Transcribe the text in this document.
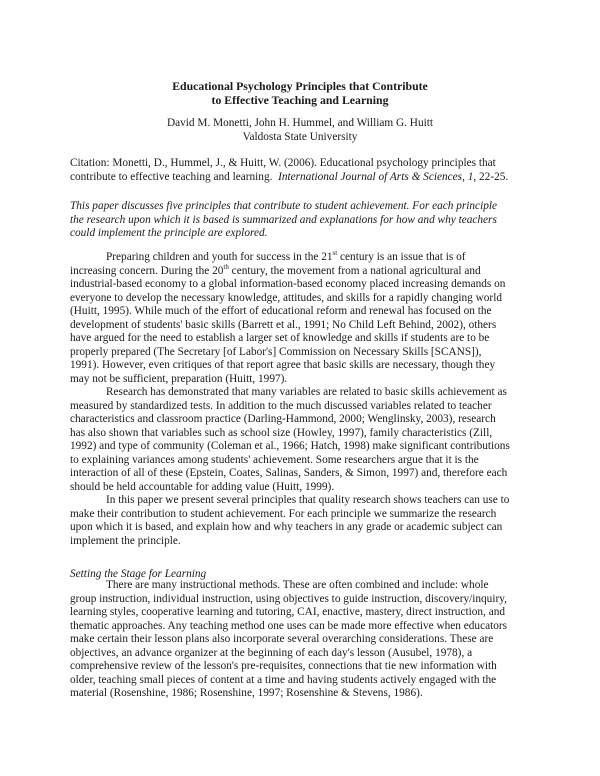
Educational Psychology Principles that Contribute
to Effective Teaching and Learning
David M. Monetti, John H. Hummel, and William G. Huitt
Valdosta State University
Citation: Monetti, D., Hummel, J., & Huitt, W. (2006). Educational psychology principles that
contribute to effective teaching and learning. International Journal of Arts & Sciences, 1, 22-25.
This paper discusses five principles that contribute to student achievement. For each principle
the research upon which it is based is summarized and explanations for how and why teachers
could implement the principle are explored.

Preparing children and youth for success in the 21st century is an issue that is of

increasing concern. During the 20th century, the movement from a national agricultural and
industrial-based economy to a global information-based economy placed increasing demands on
everyone to develop the necessary knowledge, attitudes, and skills for a rapidly changing world
(Huitt, 1995). While much of the effort of educational reform and renewal has focused on the
development of students' basic skills (Barrett et al., 1991; No Child Left Behind, 2002), others
have argued for the need to establish a larger set of knowledge and skills if students are to be
properly prepared (The Secretary [of Labor's] Commission on Necessary Skills [SCANS]),
1991). However, even critiques of that report agree that basic skills are necessary, though they
may not be sufficient, preparation (Huitt, 1997).

Research has demonstrated that many variables are related to basic skills achievement as

measured by standardized tests. In addition to the much discussed variables related to teacher
characteristics and classroom practice (Darling-Hammond, 2000; Wenglinsky, 2003), research
has also shown that variables such as school size (Howley, 1997), family characteristics (Zill,
1992) and type of community (Coleman et al., 1966; Hatch, 1998) make significant contributions
to explaining variances among students' achievement. Some researchers argue that it is the
interaction of all of these (Epstein, Coates, Salinas, Sanders, & Simon, 1997) and, therefore each
should be held accountable for adding value (Huitt, 1999).

In this paper we present several principles that quality research shows teachers can use to

make their contribution to student achievement. For each principle we summarize the research
upon which it is based, and explain how and why teachers in any grade or academic subject can
implement the principle.

Setting the Stage for Learning

There are many instructional methods. These are often combined and include: whole

group instruction, individual instruction, using objectives to guide instruction, discovery/inquiry,
learning styles, cooperative learning and tutoring, CAI, enactive, mastery, direct instruction, and
thematic approaches. Any teaching method one uses can be made more effective when educators
make certain their lesson plans also incorporate several overarching considerations. These are
objectives, an advance organizer at the beginning of each day's lesson (Ausubel, 1978), a
comprehensive review of the lesson's pre-requisites, connections that tie new information with
older, teaching small pieces of content at a time and having students actively engaged with the
material (Rosenshine, 1986; Rosenshine, 1997; Rosenshine & Stevens, 1986).
